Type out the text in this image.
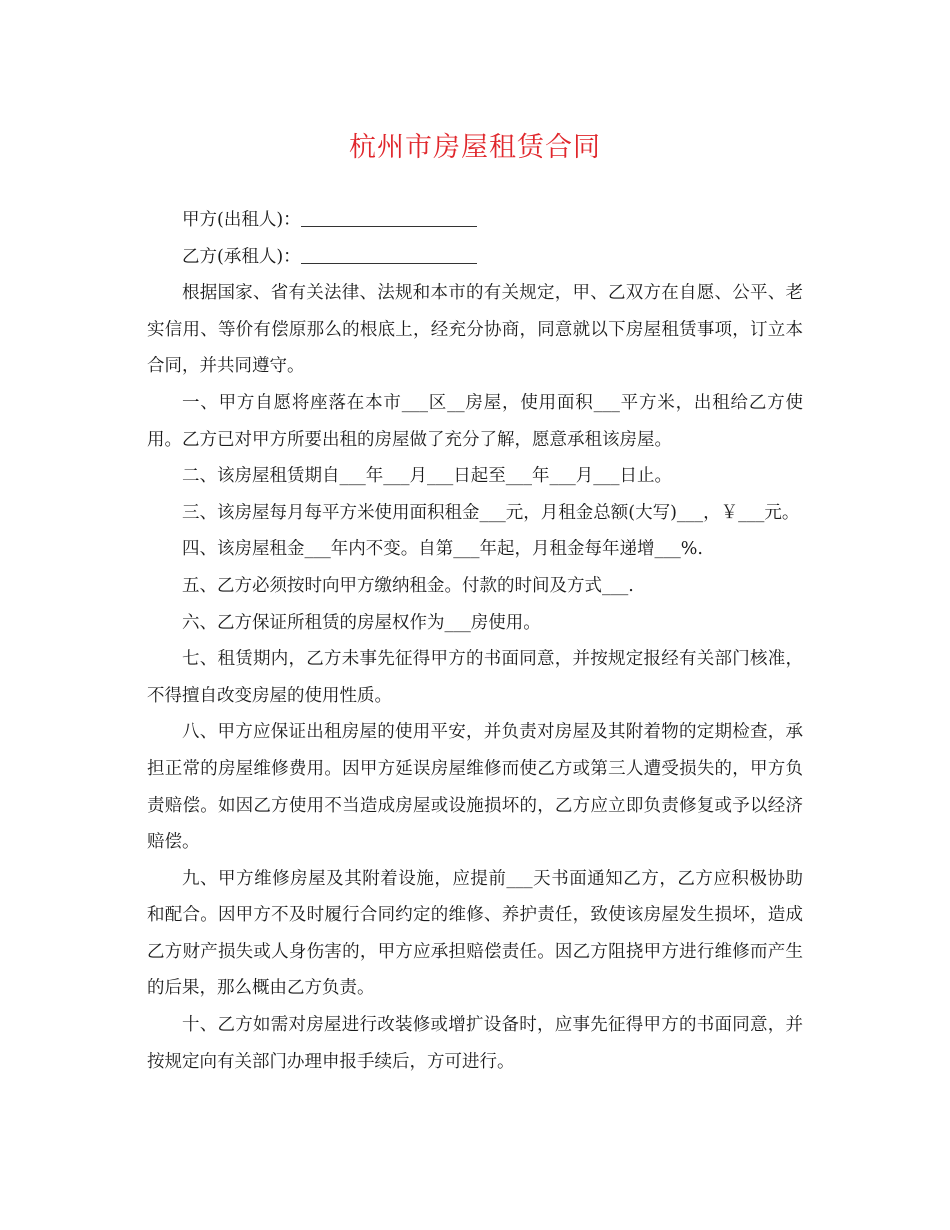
杭州市房屋租赁合同

甲方(出租人)：

乙方(承租人)：

根据国家、省有关法律、法规和本市的有关规定，甲、乙双方在自愿、公平、老实信用、等价有偿原那么的根底上，经充分协商，同意就以下房屋租赁事项，订立本合同，并共同遵守。

一、甲方自愿将座落在本市___区__房屋，使用面积___平方米，出租给乙方使用。乙方已对甲方所要出租的房屋做了充分了解，愿意承租该房屋。

二、该房屋租赁期自___年___月___日起至___年___月___日止。

三、该房屋每月每平方米使用面积租金___元，月租金总额(大写)___，￥___元。

四、该房屋租金___年内不变。自第___年起，月租金每年递增___%.

五、乙方必须按时向甲方缴纳租金。付款的时间及方式___.

六、乙方保证所租赁的房屋权作为___房使用。

七、租赁期内，乙方未事先征得甲方的书面同意，并按规定报经有关部门核准，不得擅自改变房屋的使用性质。

八、甲方应保证出租房屋的使用平安，并负责对房屋及其附着物的定期检查，承担正常的房屋维修费用。因甲方延误房屋维修而使乙方或第三人遭受损失的，甲方负责赔偿。如因乙方使用不当造成房屋或设施损坏的，乙方应立即负责修复或予以经济赔偿。

九、甲方维修房屋及其附着设施，应提前___天书面通知乙方，乙方应积极协助和配合。因甲方不及时履行合同约定的维修、养护责任，致使该房屋发生损坏，造成乙方财产损失或人身伤害的，甲方应承担赔偿责任。因乙方阻挠甲方进行维修而产生的后果，那么概由乙方负责。

十、乙方如需对房屋进行改装修或增扩设备时，应事先征得甲方的书面同意，并按规定向有关部门办理申报手续后，方可进行。
